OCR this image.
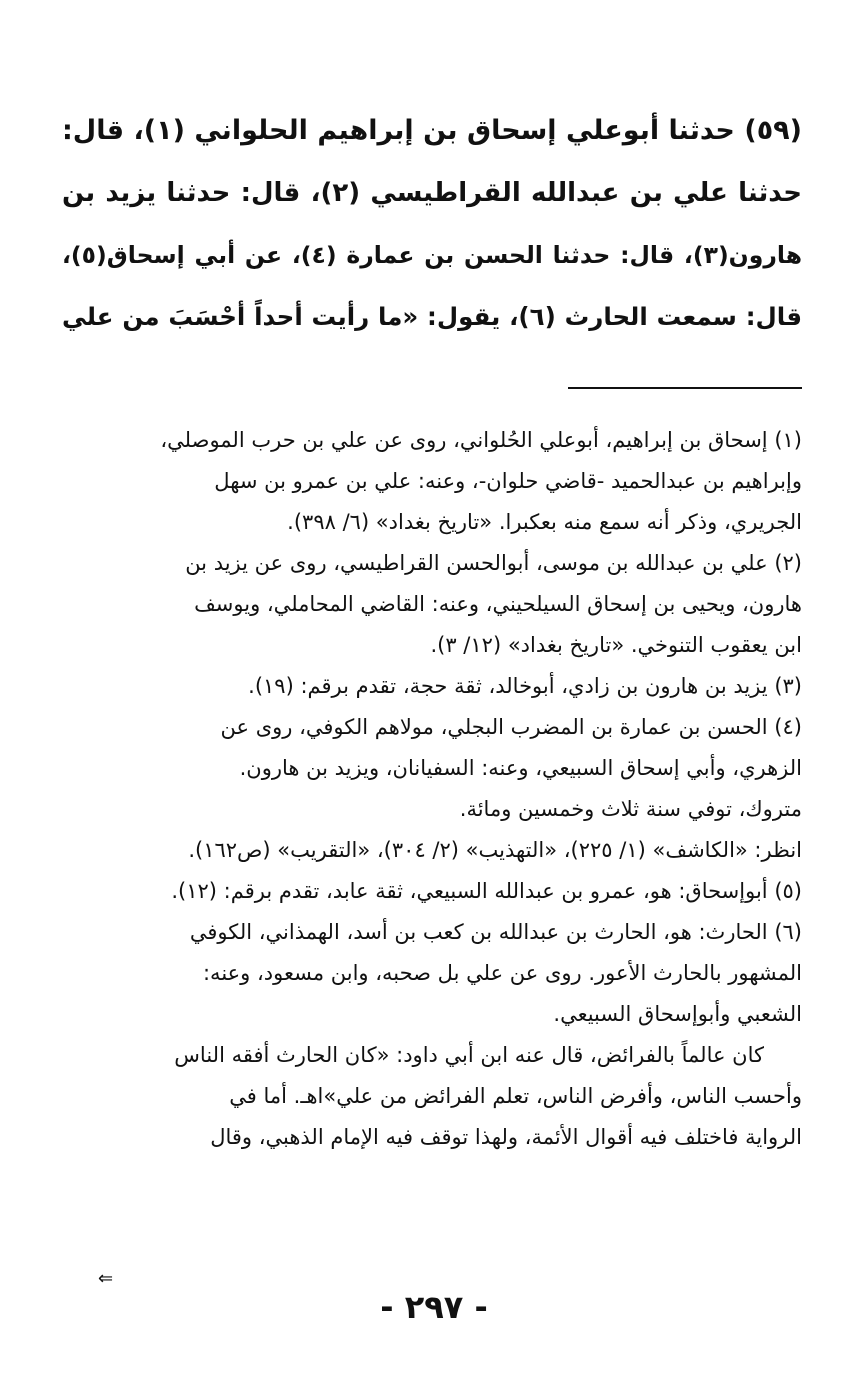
(٥٩) حدثنا أبوعلي إسحاق بن إبراهيم الحلواني (١)، قال:
حدثنا علي بن عبدالله القراطيسي (٢)، قال: حدثنا يزيد بن
هارون(٣)، قال: حدثنا الحسن بن عمارة (٤)، عن أبي إسحاق(٥)،
قال: سمعت الحارث (٦)، يقول: «ما رأيت أحداً أحْسَبَ من علي
(١) إسحاق بن إبراهيم، أبوعلي الحُلواني، روى عن علي بن حرب الموصلي،
وإبراهيم بن عبدالحميد -قاضي حلوان-، وعنه: علي بن عمرو بن سهل
الجريري، وذكر أنه سمع منه بعكبرا. «تاريخ بغداد» (٦/ ٣٩٨).
(٢) علي بن عبدالله بن موسى، أبوالحسن القراطيسي، روى عن يزيد بن
هارون، ويحيى بن إسحاق السيلحيني، وعنه: القاضي المحاملي، ويوسف
ابن يعقوب التنوخي. «تاريخ بغداد» (١٢/ ٣).
(٣) يزيد بن هارون بن زادي، أبوخالد، ثقة حجة، تقدم برقم: (١٩).
(٤) الحسن بن عمارة بن المضرب البجلي، مولاهم الكوفي، روى عن
الزهري، وأبي إسحاق السبيعي، وعنه: السفيانان، ويزيد بن هارون.
متروك، توفي سنة ثلاث وخمسين ومائة.
انظر: «الكاشف» (١/ ٢٢٥)، «التهذيب» (٢/ ٣٠٤)، «التقريب» (ص١٦٢).
(٥) أبوإسحاق: هو، عمرو بن عبدالله السبيعي، ثقة عابد، تقدم برقم: (١٢).
(٦) الحارث: هو، الحارث بن عبدالله بن كعب بن أسد، الهمذاني، الكوفي
المشهور بالحارث الأعور. روى عن علي بل صحبه، وابن مسعود، وعنه:
الشعبي وأبوإسحاق السبيعي.
كان عالماً بالفرائض، قال عنه ابن أبي داود: «كان الحارث أفقه الناس
وأحسب الناس، وأفرض الناس، تعلم الفرائض من علي»اهـ. أما في
الرواية فاختلف فيه أقوال الأئمة، ولهذا توقف فيه الإمام الذهبي، وقال
⇐
- ٢٩٧ -
